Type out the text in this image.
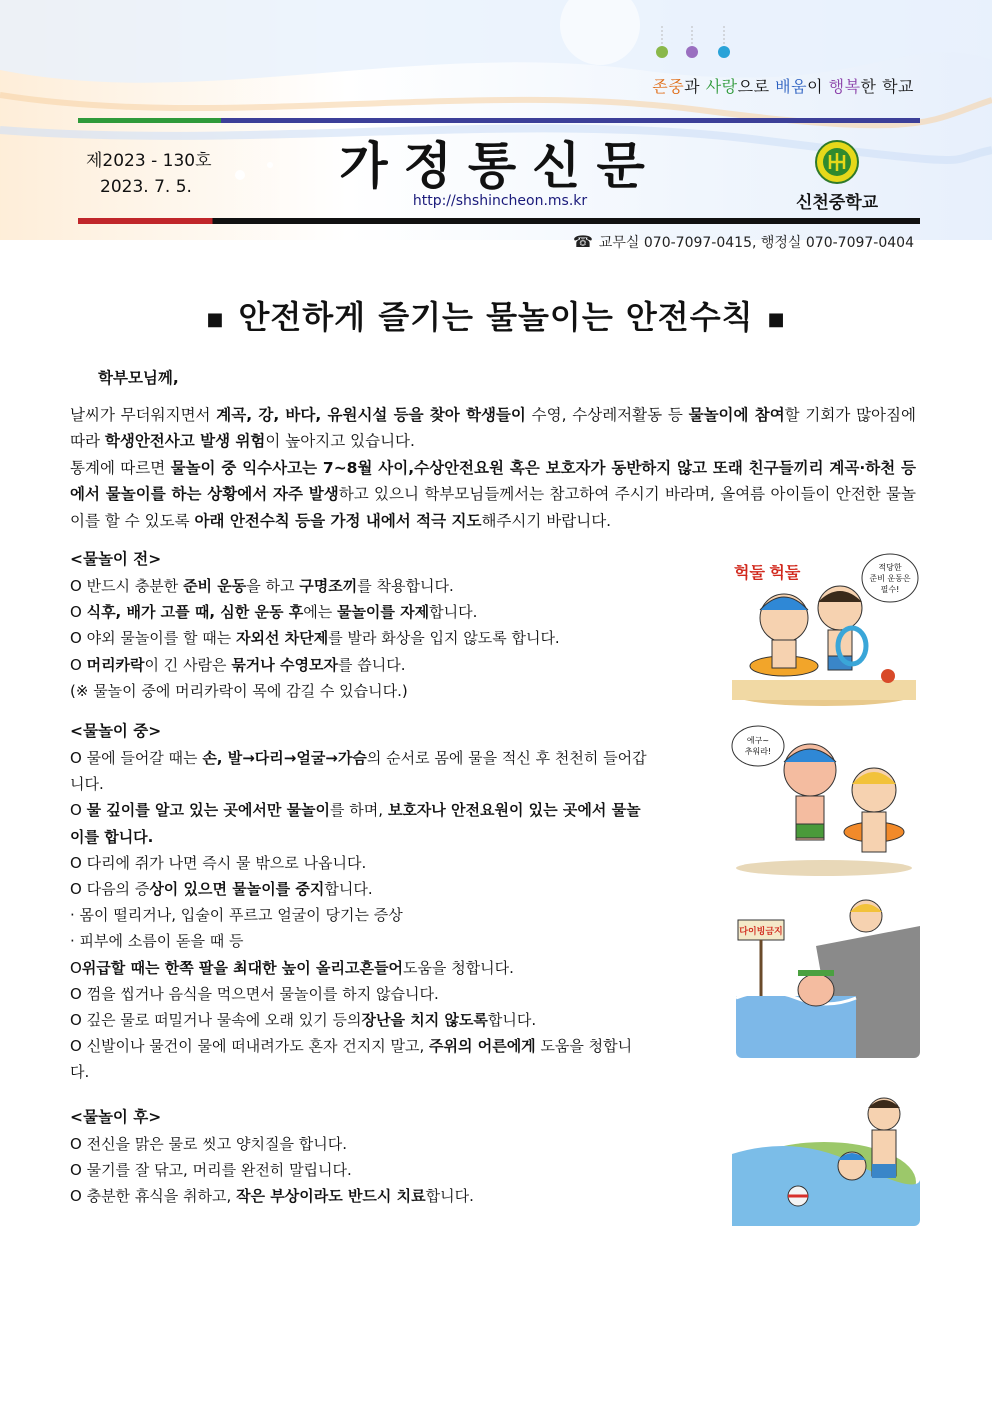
존중과 사랑으로 배움이 행복한 학교
제2023 - 130호
2023. 7. 5.	가정통신문
http://shshincheon.ms.kr	신천중학교
☎ 교무실 070-7097-0415, 행정실 070-7097-0404
■ 안전하게 즐기는 물놀이는 안전수칙 ■
학부모님께,

날씨가 무더워지면서 계곡, 강, 바다, 유원시설 등을 찾아 학생들이 수영, 수상레저활동 등 물놀이에 참여할 기회가 많아짐에 따라 학생안전사고 발생 위험이 높아지고 있습니다.
통계에 따르면 물놀이 중 익수사고는 7~8월 사이,수상안전요원 혹은 보호자가 동반하지 않고 또래 친구들끼리 계곡·하천 등에서 물놀이를 하는 상황에서 자주 발생하고 있으니 학부모님들께서는 참고하여 주시기 바라며, 올여름 아이들이 안전한 물놀이를 할 수 있도록 아래 안전수칙 등을 가정 내에서 적극 지도해주시기 바랍니다.

<물놀이 전>

O 반드시 충분한 준비 운동을 하고 구명조끼를 착용합니다.

O 식후, 배가 고플 때, 심한 운동 후에는 물놀이를 자제합니다.

O 야외 물놀이를 할 때는 자외선 차단제를 발라 화상을 입지 않도록 합니다.

O 머리카락이 긴 사람은 묶거나 수영모자를 씁니다.

(※ 물놀이 중에 머리카락이 목에 감길 수 있습니다.)

<물놀이 중>

O 물에 들어갈 때는 손, 발→다리→얼굴→가슴의 순서로 몸에 물을 적신 후 천천히 들어갑니다.

O 물 깊이를 알고 있는 곳에서만 물놀이를 하며, 보호자나 안전요원이 있는 곳에서 물놀이를 합니다.

O 다리에 쥐가 나면 즉시 물 밖으로 나옵니다.

O 다음의 증상이 있으면 물놀이를 중지합니다.

· 몸이 떨리거나, 입술이 푸르고 얼굴이 당기는 증상

· 피부에 소름이 돋을 때 등

O위급할 때는 한쪽 팔을 최대한 높이 올리고흔들어도움을 청합니다.

O 껌을 씹거나 음식을 먹으면서 물놀이를 하지 않습니다.

O 깊은 물로 떠밀거나 물속에 오래 있기 등의장난을 치지 않도록합니다.

O 신발이나 물건이 물에 떠내려가도 혼자 건지지 말고, 주위의 어른에게 도움을 청합니다.

<물놀이 후>

O 전신을 맑은 물로 씻고 양치질을 합니다.

O 물기를 잘 닦고, 머리를 완전히 말립니다.

O 충분한 휴식을 취하고, 작은 부상이라도 반드시 치료합니다.

헉둘 헉둘	적당한
준비 운동은
필수!
에구~
추워라!
다이빙금지
